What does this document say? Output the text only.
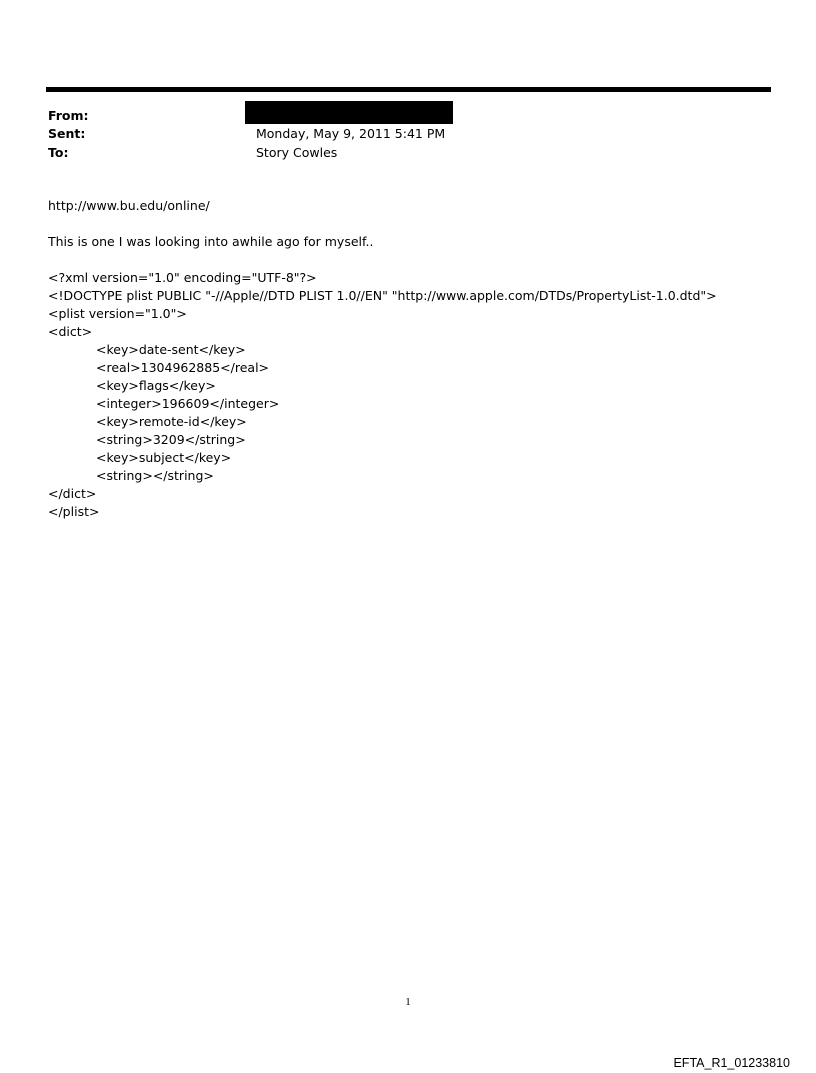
From:
Sent:	Monday, May 9, 2011 5:41 PM
To:	Story Cowles
http://www.bu.edu/online/
This is one I was looking into awhile ago for myself..
<?xml version="1.0" encoding="UTF-8"?>
<!DOCTYPE plist PUBLIC "-//Apple//DTD PLIST 1.0//EN" "http://www.apple.com/DTDs/PropertyList-1.0.dtd">
<plist version="1.0">
<dict>
<key>date-sent</key>
<real>1304962885</real>
<key>flags</key>
<integer>196609</integer>
<key>remote-id</key>
<string>3209</string>
<key>subject</key>
<string></string>
</dict>
</plist>
1
EFTA_R1_01233810
